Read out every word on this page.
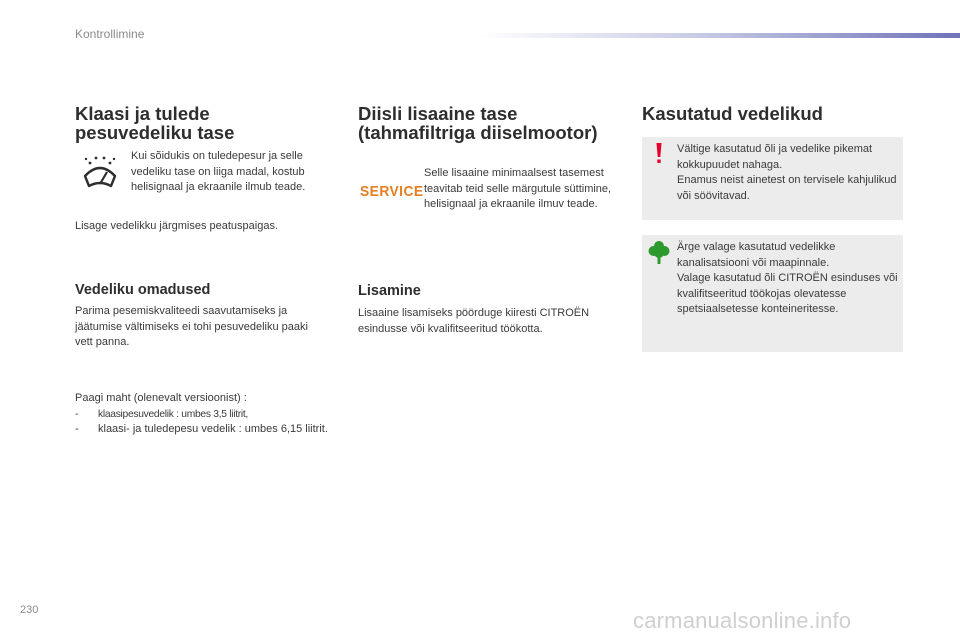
Kontrollimine
Klaasi ja tulede
pesuvedeliku tase

Kui sõidukis on tuledepesur ja selle vedeliku tase on liiga madal, kostub helisignaal ja ekraanile ilmub teade.

Lisage vedelikku järgmises peatuspaigas.

Vedeliku omadused

Parima pesemiskvaliteedi saavutamiseks ja jäätumise vältimiseks ei tohi pesuvedeliku paaki vett panna.

Paagi maht (olenevalt versioonist) :

- klaasipesuvedelik : umbes 3,5 liitrit,
- klaasi- ja tuledepesu vedelik : umbes 6,15 liitrit.
Diisli lisaaine tase
(tahmafiltriga diiselmootor)
SERVICE

Selle lisaaine minimaalsest tasemest teavitab teid selle märgutule süttimine, helisignaal ja ekraanile ilmuv teade.

Lisamine

Lisaaine lisamiseks pöörduge kiiresti CITROËN esindusse või kvalifitseeritud töökotta.

Kasutatud vedelikud

Vältige kasutatud õli ja vedelike pikemat kokkupuudet nahaga.
Enamus neist ainetest on tervisele kahjulikud või söövitavad.

Ärge valage kasutatud vedelikke kanalisatsiooni või maapinnale.
Valage kasutatud õli CITROËN esinduses või kvalifitseeritud töökojas olevatesse spetsiaalsetesse konteineritesse.

230	carmanualsonline.info
